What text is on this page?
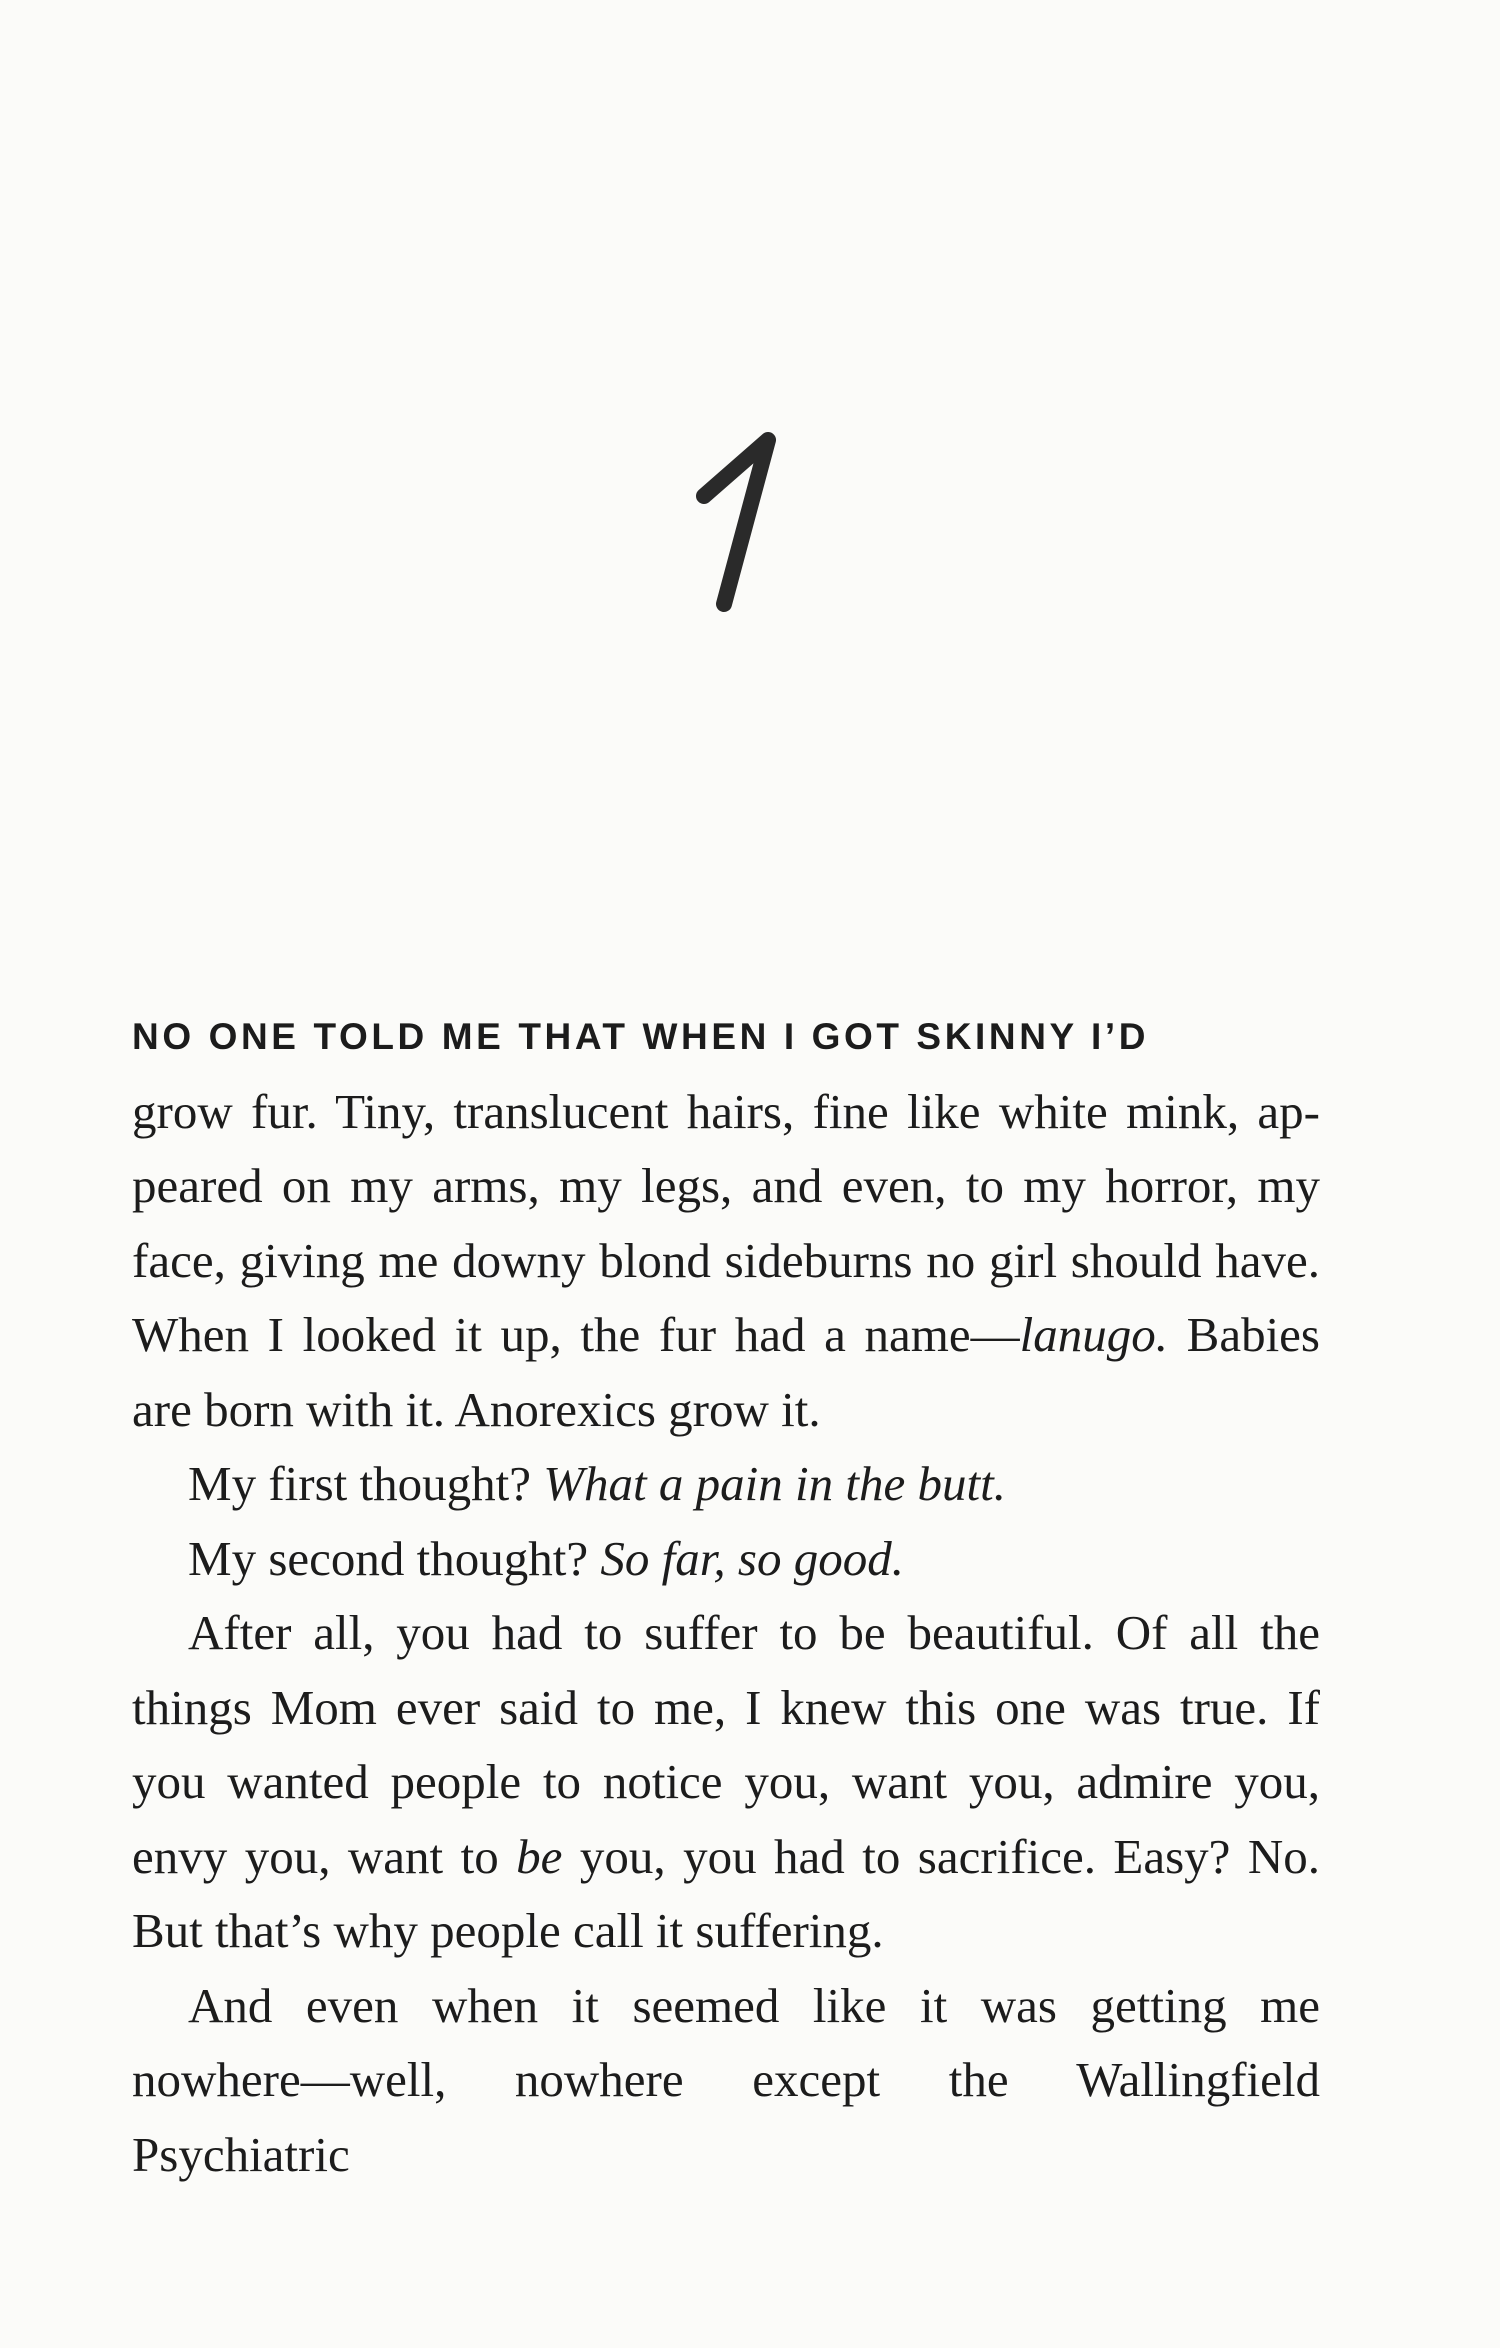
NO ONE TOLD ME THAT WHEN I GOT SKINNY I’D
grow fur. Tiny, translucent hairs, fine like white mink, ap-
peared on my arms, my legs, and even, to my horror, my
face, giving me downy blond sideburns no girl should have.
When I looked it up, the fur had a name—lanugo. Babies
are born with it. Anorexics grow it.
My first thought? What a pain in the butt.
My second thought? So far, so good.
After all, you had to suffer to be beautiful. Of all the
things Mom ever said to me, I knew this one was true. If
you wanted people to notice you, want you, admire you,
envy you, want to be you, you had to sacrifice. Easy? No.
But that’s why people call it suffering.
And even when it seemed like it was getting me
nowhere—well, nowhere except the Wallingfield Psychiatric
